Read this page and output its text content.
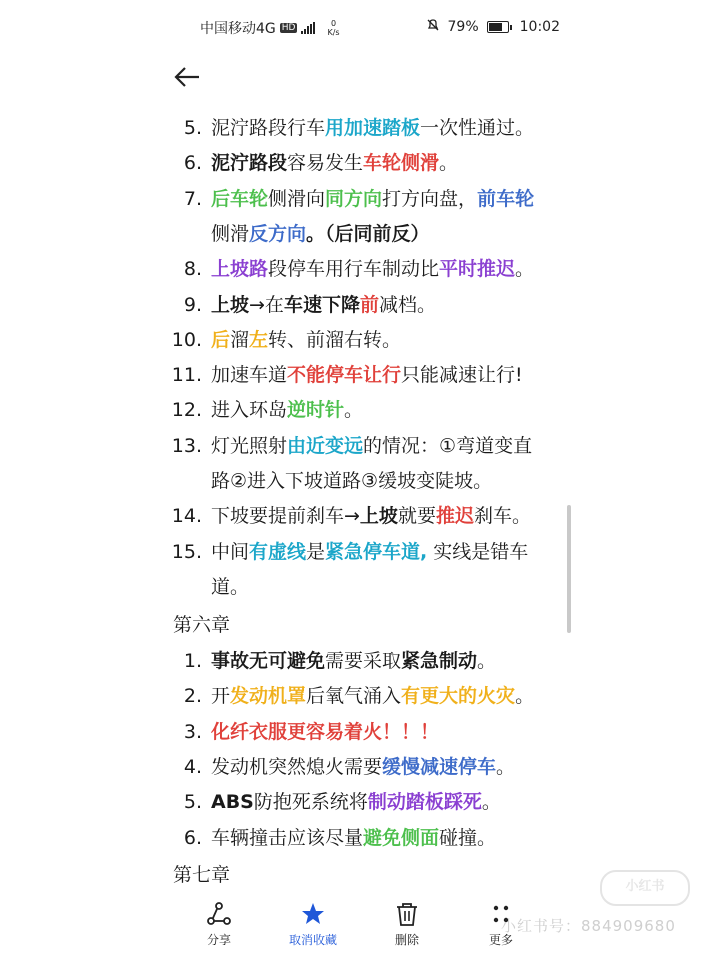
中国移动4G HD	0
K/s	79%	10:02
5. 泥泞路段行车用加速踏板一次性通过。
6. 泥泞路段容易发生车轮侧滑。
7. 后车轮侧滑向同方向打方向盘，前车轮
侧滑反方向。（后同前反）
8. 上坡路段停车用行车制动比平时推迟。
9. 上坡→在车速下降前减档。
10. 后溜左转、前溜右转。
11. 加速车道不能停车让行只能减速让行!
12. 进入环岛逆时针。
13. 灯光照射由近变远的情况：①弯道变直
路②进入下坡道路③缓坡变陡坡。
14. 下坡要提前刹车→上坡就要推迟刹车。
15. 中间有虚线是紧急停车道, 实线是错车
道。
第六章
1. 事故无可避免需要采取紧急制动。
2. 开发动机罩后氧气涌入有更大的火灾。
3. 化纤衣服更容易着火！！！
4. 发动机突然熄火需要缓慢减速停车。
5. ABS防抱死系统将制动踏板踩死。
6. 车辆撞击应该尽量避免侧面碰撞。
第七章
小红书
分享	取消收藏	删除	更多
小红书号：884909680
